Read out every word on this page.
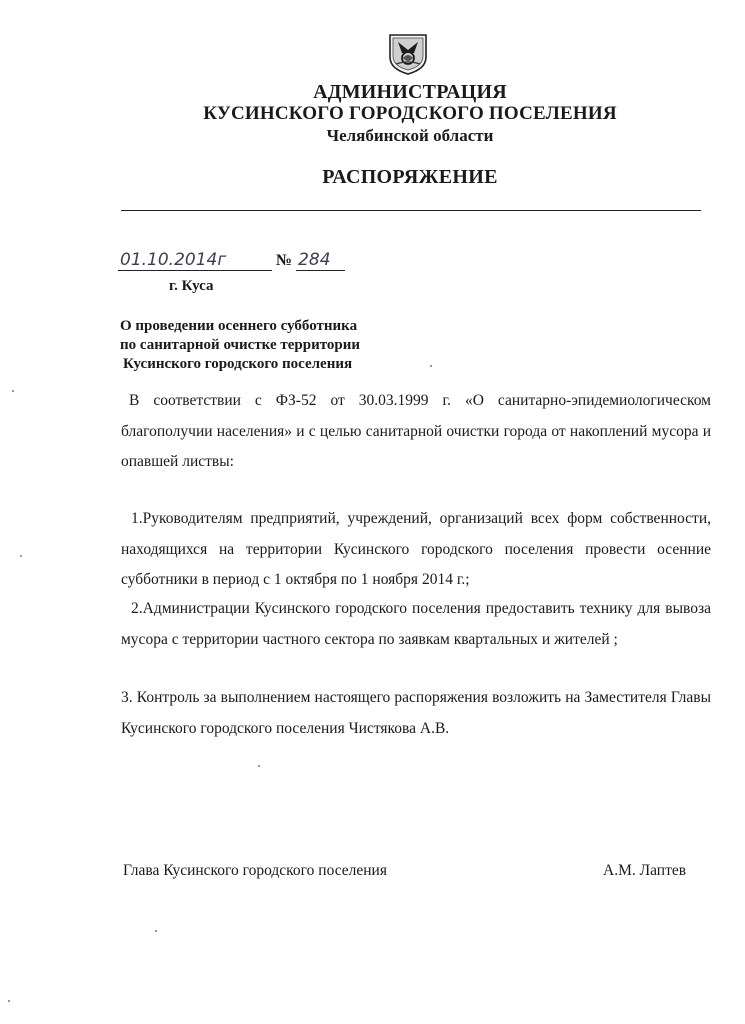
АДМИНИСТРАЦИЯ
КУСИНСКОГО ГОРОДСКОГО ПОСЕЛЕНИЯ
Челябинской области
РАСПОРЯЖЕНИЕ
01.10.2014г	№ 284
г. Куса
О проведении осеннего субботника
по санитарной очистке территории
Кусинского городского поселения
В соответствии с ФЗ-52 от 30.03.1999 г. «О санитарно-эпидемиологическом благополучии населения» и с целью санитарной очистки города от накоплений мусора и опавшей листвы:
1.Руководителям предприятий, учреждений, организаций всех форм собственности, находящихся на территории Кусинского городского поселения провести осенние субботники в период с 1 октября по 1 ноября 2014 г.;
2.Администрации Кусинского городского поселения предоставить технику для вывоза мусора с территории частного сектора по заявкам квартальных и жителей ;
3. Контроль за выполнением настоящего распоряжения возложить на Заместителя Главы Кусинского городского поселения Чистякова А.В.
Глава Кусинского городского поселения	А.М. Лаптев
